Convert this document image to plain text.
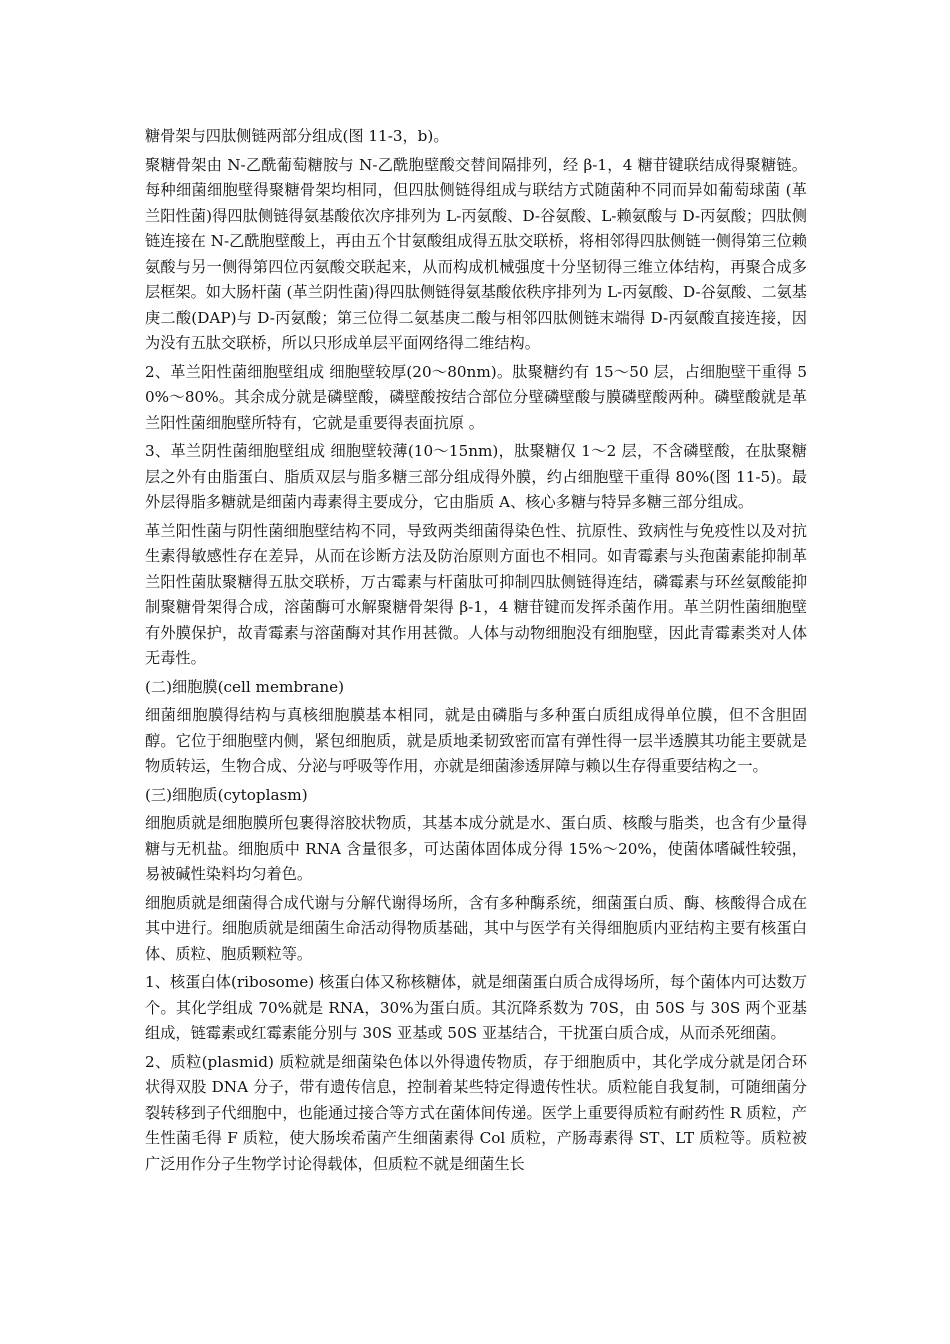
糖骨架与四肽侧链两部分组成(图 11-3，b)。

聚糖骨架由 N-乙酰葡萄糖胺与 N-乙酰胞壁酸交替间隔排列，经 β-1，4 糖苷键联结成得聚糖链。每种细菌细胞壁得聚糖骨架均相同，但四肽侧链得组成与联结方式随菌种不同而异如葡萄球菌 (革兰阳性菌)得四肽侧链得氨基酸依次序排列为 L-丙氨酸、D-谷氨酸、L-赖氨酸与 D-丙氨酸；四肽侧链连接在 N-乙酰胞壁酸上，再由五个甘氨酸组成得五肽交联桥，将相邻得四肽侧链一侧得第三位赖氨酸与另一侧得第四位丙氨酸交联起来，从而构成机械强度十分坚韧得三维立体结构，再聚合成多层框架。如大肠杆菌 (革兰阴性菌)得四肽侧链得氨基酸依秩序排列为 L-丙氨酸、D-谷氨酸、二氨基庚二酸(DAP)与 D-丙氨酸；第三位得二氨基庚二酸与相邻四肽侧链末端得 D-丙氨酸直接连接，因为没有五肽交联桥，所以只形成单层平面网络得二维结构。

2、革兰阳性菌细胞壁组成 细胞壁较厚(20～80nm)。肽聚糖约有 15～50 层，占细胞壁干重得 50%～80%。其余成分就是磷壁酸，磷壁酸按结合部位分壁磷壁酸与膜磷壁酸两种。磷壁酸就是革兰阳性菌细胞壁所特有，它就是重要得表面抗原 。

3、革兰阴性菌细胞壁组成 细胞壁较薄(10～15nm)，肽聚糖仅 1～2 层，不含磷壁酸，在肽聚糖层之外有由脂蛋白、脂质双层与脂多糖三部分组成得外膜，约占细胞壁干重得 80%(图 11-5)。最外层得脂多糖就是细菌内毒素得主要成分，它由脂质 A、核心多糖与特异多糖三部分组成。

革兰阳性菌与阴性菌细胞壁结构不同，导致两类细菌得染色性、抗原性、致病性与免疫性以及对抗生素得敏感性存在差异，从而在诊断方法及防治原则方面也不相同。如青霉素与头孢菌素能抑制革兰阳性菌肽聚糖得五肽交联桥，万古霉素与杆菌肽可抑制四肽侧链得连结，磷霉素与环丝氨酸能抑制聚糖骨架得合成，溶菌酶可水解聚糖骨架得 β-1，4 糖苷键而发挥杀菌作用。革兰阴性菌细胞壁有外膜保护，故青霉素与溶菌酶对其作用甚微。人体与动物细胞没有细胞壁，因此青霉素类对人体无毒性。

(二)细胞膜(cell membrane)

细菌细胞膜得结构与真核细胞膜基本相同，就是由磷脂与多种蛋白质组成得单位膜，但不含胆固醇。它位于细胞壁内侧，紧包细胞质，就是质地柔韧致密而富有弹性得一层半透膜其功能主要就是物质转运，生物合成、分泌与呼吸等作用，亦就是细菌渗透屏障与赖以生存得重要结构之一。

(三)细胞质(cytoplasm)

细胞质就是细胞膜所包裹得溶胶状物质，其基本成分就是水、蛋白质、核酸与脂类，也含有少量得糖与无机盐。细胞质中 RNA 含量很多，可达菌体固体成分得 15%～20%，使菌体嗜碱性较强，易被碱性染料均匀着色。

细胞质就是细菌得合成代谢与分解代谢得场所，含有多种酶系统，细菌蛋白质、酶、核酸得合成在其中进行。细胞质就是细菌生命活动得物质基础，其中与医学有关得细胞质内亚结构主要有核蛋白体、质粒、胞质颗粒等。

1、核蛋白体(ribosome) 核蛋白体又称核糖体，就是细菌蛋白质合成得场所，每个菌体内可达数万个。其化学组成 70%就是 RNA，30%为蛋白质。其沉降系数为 70S，由 50S 与 30S 两个亚基组成，链霉素或红霉素能分别与 30S 亚基或 50S 亚基结合，干扰蛋白质合成，从而杀死细菌。

2、质粒(plasmid) 质粒就是细菌染色体以外得遗传物质，存于细胞质中，其化学成分就是闭合环状得双股 DNA 分子，带有遗传信息，控制着某些特定得遗传性状。质粒能自我复制，可随细菌分裂转移到子代细胞中，也能通过接合等方式在菌体间传递。医学上重要得质粒有耐药性 R 质粒，产生性菌毛得 F 质粒，使大肠埃希菌产生细菌素得 Col 质粒，产肠毒素得 ST、LT 质粒等。质粒被广泛用作分子生物学讨论得载体，但质粒不就是细菌生长
